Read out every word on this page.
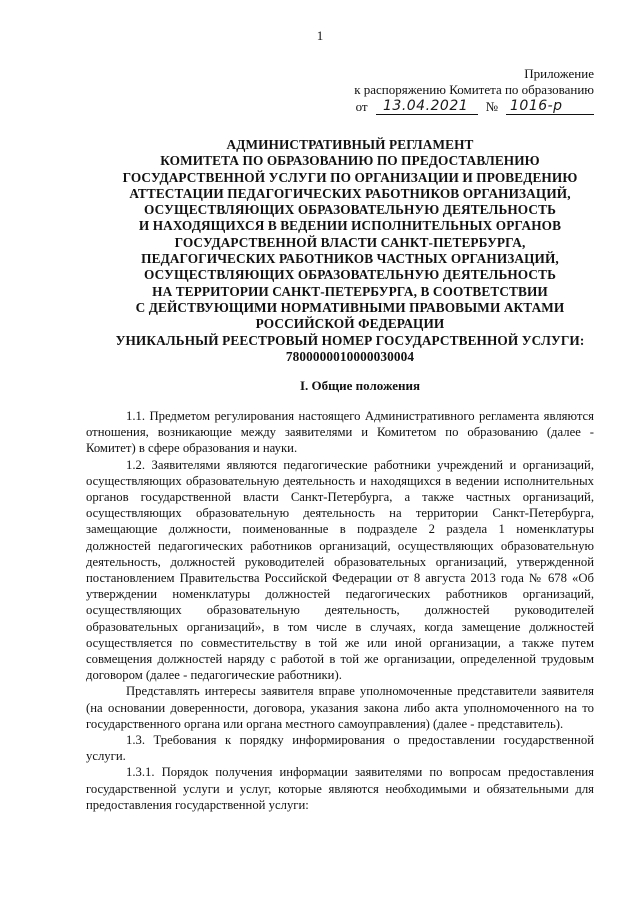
1
Приложение
к распоряжению Комитета по образованию
от	13.04.2021	№ 1016-р
АДМИНИСТРАТИВНЫЙ РЕГЛАМЕНТ
КОМИТЕТА ПО ОБРАЗОВАНИЮ ПО ПРЕДОСТАВЛЕНИЮ
ГОСУДАРСТВЕННОЙ УСЛУГИ ПО ОРГАНИЗАЦИИ И ПРОВЕДЕНИЮ
АТТЕСТАЦИИ ПЕДАГОГИЧЕСКИХ РАБОТНИКОВ ОРГАНИЗАЦИЙ,
ОСУЩЕСТВЛЯЮЩИХ ОБРАЗОВАТЕЛЬНУЮ ДЕЯТЕЛЬНОСТЬ
И НАХОДЯЩИХСЯ В ВЕДЕНИИ ИСПОЛНИТЕЛЬНЫХ ОРГАНОВ
ГОСУДАРСТВЕННОЙ ВЛАСТИ САНКТ-ПЕТЕРБУРГА,
ПЕДАГОГИЧЕСКИХ РАБОТНИКОВ ЧАСТНЫХ ОРГАНИЗАЦИЙ,
ОСУЩЕСТВЛЯЮЩИХ ОБРАЗОВАТЕЛЬНУЮ ДЕЯТЕЛЬНОСТЬ
НА ТЕРРИТОРИИ САНКТ-ПЕТЕРБУРГА, В СООТВЕТСТВИИ
С ДЕЙСТВУЮЩИМИ НОРМАТИВНЫМИ ПРАВОВЫМИ АКТАМИ
РОССИЙСКОЙ ФЕДЕРАЦИИ
УНИКАЛЬНЫЙ РЕЕСТРОВЫЙ НОМЕР ГОСУДАРСТВЕННОЙ УСЛУГИ:
7800000010000030004
I. Общие положения

1.1. Предметом регулирования настоящего Административного регламента являются отношения, возникающие между заявителями и Комитетом по образованию (далее - Комитет) в сфере образования и науки.

1.2. Заявителями являются педагогические работники учреждений и организаций, осуществляющих образовательную деятельность и находящихся в ведении исполнительных органов государственной власти Санкт-Петербурга, а также частных организаций, осуществляющих образовательную деятельность на территории Санкт-Петербурга, замещающие должности, поименованные в подразделе 2 раздела 1 номенклатуры должностей педагогических работников организаций, осуществляющих образовательную деятельность, должностей руководителей образовательных организаций, утвержденной постановлением Правительства Российской Федерации от 8 августа 2013 года № 678 «Об утверждении номенклатуры должностей педагогических работников организаций, осуществляющих образовательную деятельность, должностей руководителей образовательных организаций», в том числе в случаях, когда замещение должностей осуществляется по совместительству в той же или иной организации, а также путем совмещения должностей наряду с работой в той же организации, определенной трудовым договором (далее - педагогические работники).

Представлять интересы заявителя вправе уполномоченные представители заявителя (на основании доверенности, договора, указания закона либо акта уполномоченного на то государственного органа или органа местного самоуправления) (далее - представитель).

1.3. Требования к порядку информирования о предоставлении государственной услуги.

1.3.1. Порядок получения информации заявителями по вопросам предоставления государственной услуги и услуг, которые являются необходимыми и обязательными для предоставления государственной услуги:
